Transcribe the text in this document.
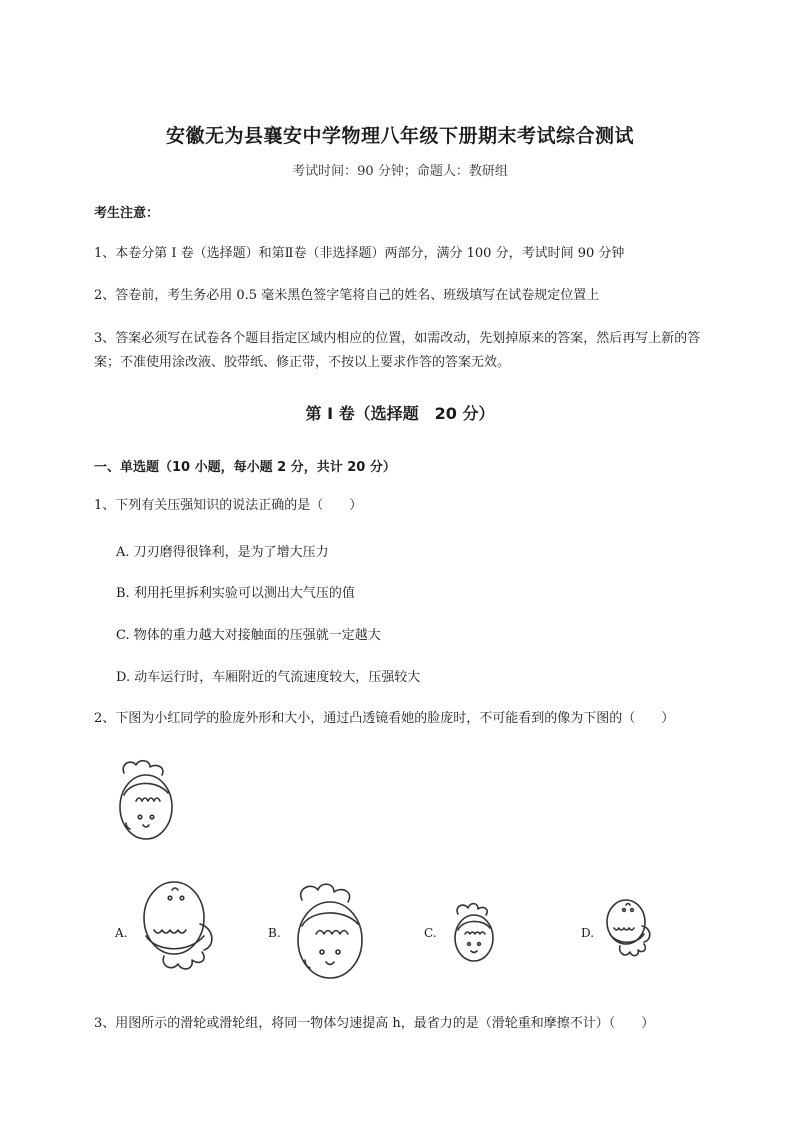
安徽无为县襄安中学物理八年级下册期末考试综合测试
考试时间：90 分钟；命题人：教研组
考生注意：
1、本卷分第 I 卷（选择题）和第Ⅱ卷（非选择题）两部分，满分 100 分，考试时间 90 分钟
2、答卷前，考生务必用 0.5 毫米黑色签字笔将自己的姓名、班级填写在试卷规定位置上
3、答案必须写在试卷各个题目指定区域内相应的位置，如需改动，先划掉原来的答案，然后再写上新的答案；不准使用涂改液、胶带纸、修正带，不按以上要求作答的答案无效。
第 I 卷（选择题　20 分）
一、单选题（10 小题，每小题 2 分，共计 20 分）
1、下列有关压强知识的说法正确的是（　　）
A. 刀刃磨得很锋利，是为了增大压力
B. 利用托里拆利实验可以测出大气压的值
C. 物体的重力越大对接触面的压强就一定越大
D. 动车运行时，车厢附近的气流速度较大，压强较大
2、下图为小红同学的脸庞外形和大小，通过凸透镜看她的脸庞时，不可能看到的像为下图的（　　）
A.	B.	C.	D.
3、用图所示的滑轮或滑轮组，将同一物体匀速提高 h，最省力的是（滑轮重和摩擦不计）（　　）
